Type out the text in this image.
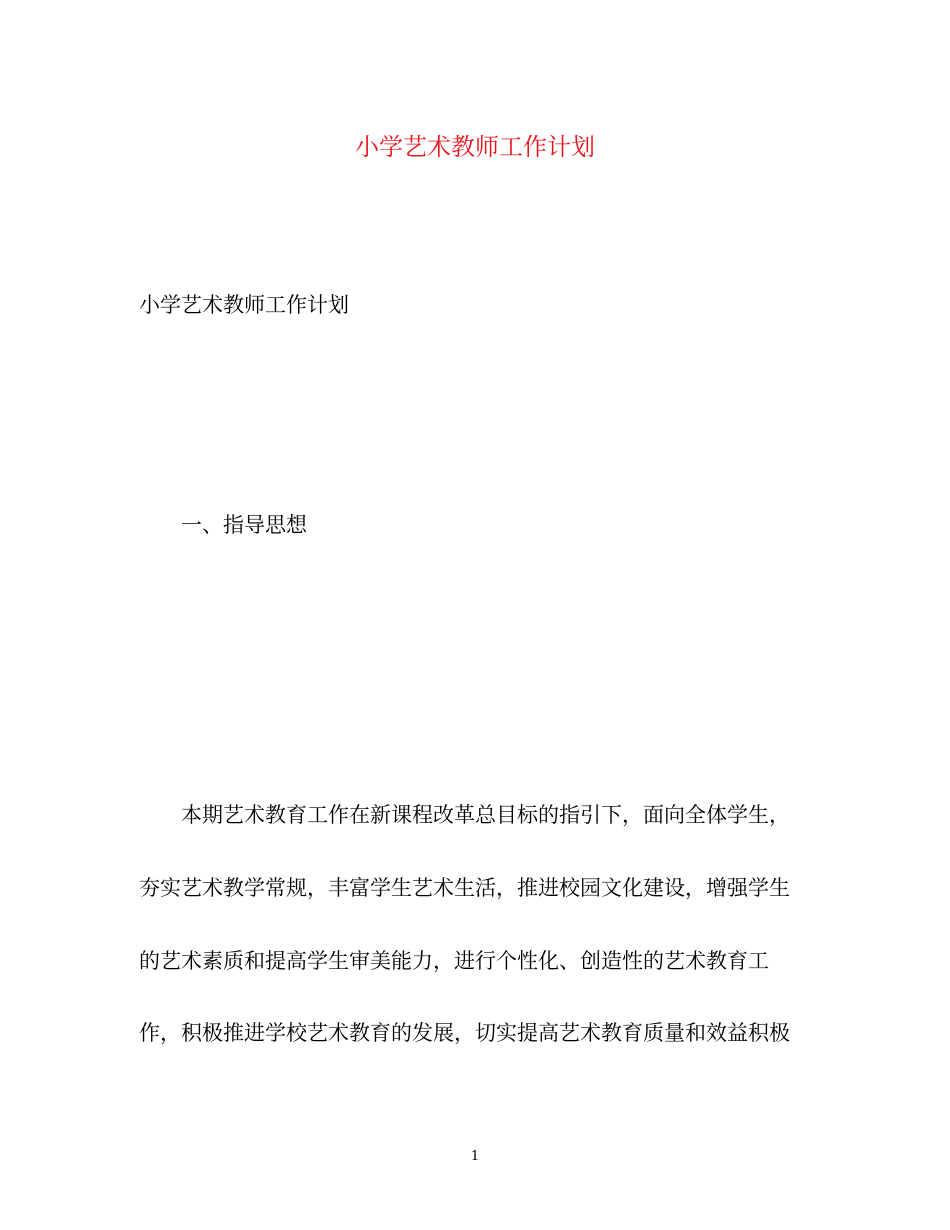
小学艺术教师工作计划

小学艺术教师工作计划

一、指导思想

本期艺术教育工作在新课程改革总目标的指引下，面向全体学生，

夯实艺术教学常规，丰富学生艺术生活，推进校园文化建设，增强学生

的艺术素质和提高学生审美能力，进行个性化、创造性的艺术教育工

作，积极推进学校艺术教育的发展，切实提高艺术教育质量和效益积极

1
